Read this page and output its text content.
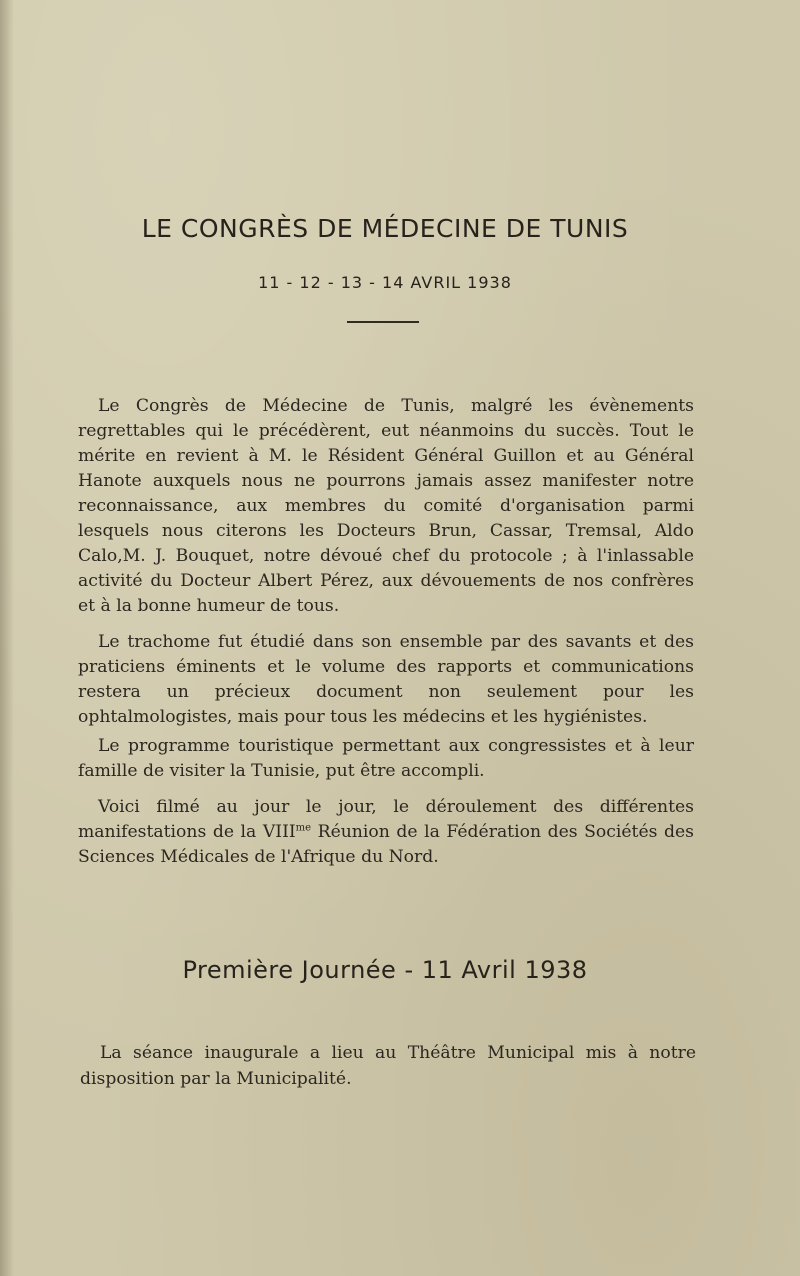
LE CONGRÈS DE MÉDECINE DE TUNIS
11 - 12 - 13 - 14 AVRIL 1938

Le Congrès de Médecine de Tunis, malgré les évènements regrettables qui le précédèrent, eut néanmoins du succès. Tout le mérite en revient à M. le Résident Général Guillon et au Général Hanote auxquels nous ne pourrons jamais assez manifester notre reconnaissance, aux membres du comité d'organisation parmi lesquels nous citerons les Docteurs Brun, Cassar, Tremsal, Aldo Calo,M. J. Bouquet, notre dévoué chef du protocole ; à l'inlassable activité du Docteur Albert Pérez, aux dévouements de nos confrères et à la bonne humeur de tous.

Le trachome fut étudié dans son ensemble par des savants et des praticiens éminents et le volume des rapports et communications restera un précieux document non seulement pour les ophtalmologistes, mais pour tous les médecins et les hygiénistes.

Le programme touristique permettant aux congressistes et à leur famille de visiter la Tunisie, put être accompli.

Voici filmé au jour le jour, le déroulement des différentes manifestations de la $VIII^{me}$ Réunion de la Fédération des Sociétés des Sciences Médicales de l'Afrique du Nord.

Première Journée - 11 Avril 1938

La séance inaugurale a lieu au Théâtre Municipal mis à notre disposition par la Municipalité.
